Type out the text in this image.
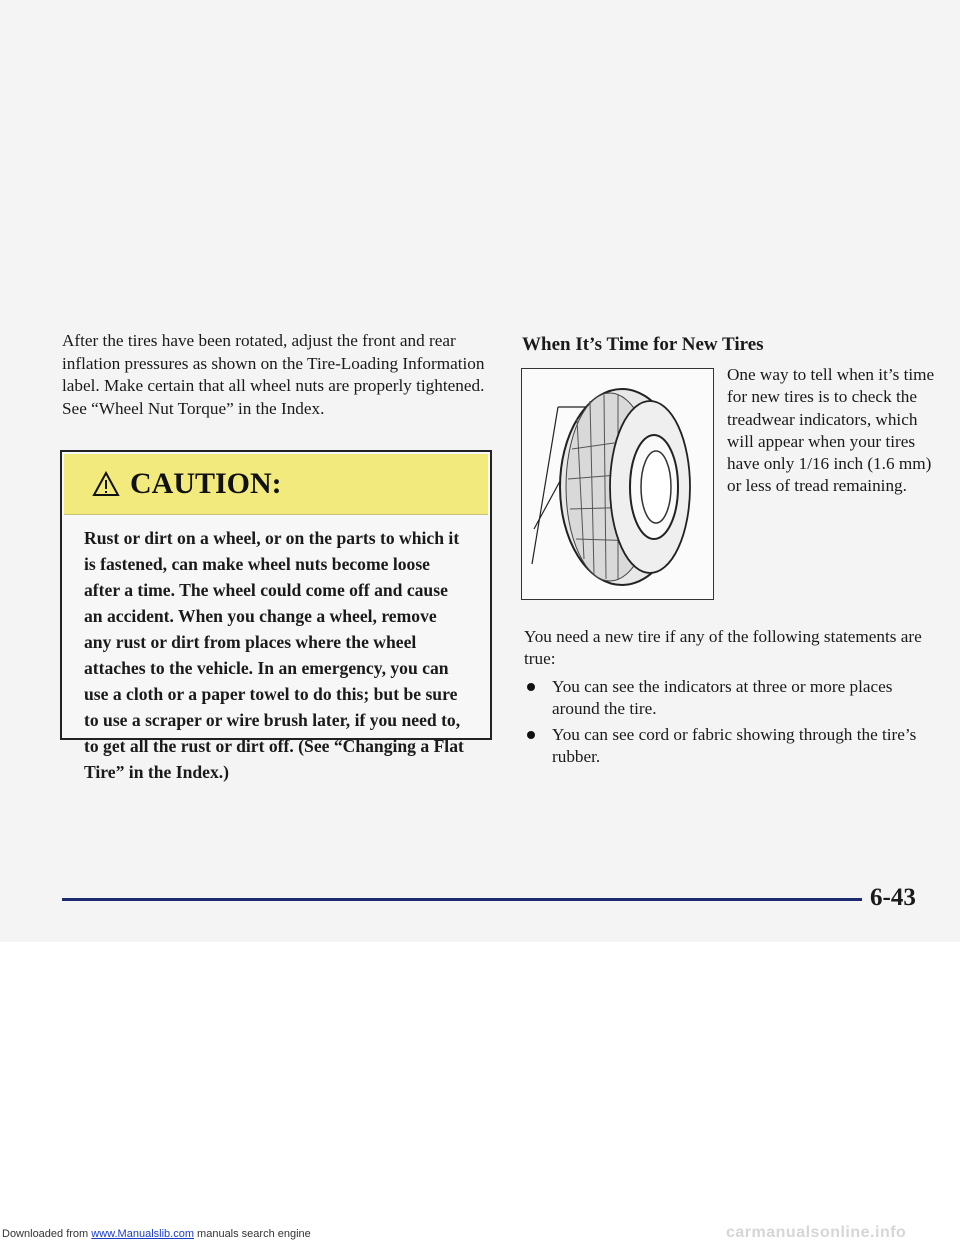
After the tires have been rotated, adjust the front and rear inflation pressures as shown on the Tire-Loading Information label. Make certain that all wheel nuts are properly tightened. See “Wheel Nut Torque” in the Index.

CAUTION:
Rust or dirt on a wheel, or on the parts to which it is fastened, can make wheel nuts become loose after a time. The wheel could come off and cause an accident. When you change a wheel, remove any rust or dirt from places where the wheel attaches to the vehicle. In an emergency, you can use a cloth or a paper towel to do this; but be sure to use a scraper or wire brush later, if you need to, to get all the rust or dirt off. (See “Changing a Flat Tire” in the Index.)
When It’s Time for New Tires
One way to tell when it’s time for new tires is to check the treadwear indicators, which will appear when your tires have only 1/16 inch (1.6 mm) or less of tread remaining.
You need a new tire if any of the following statements are true:
You can see the indicators at three or more places around the tire.
You can see cord or fabric showing through the tire’s rubber.
6-43
Downloaded from www.Manualslib.com manuals search engine	carmanualsonline.info
